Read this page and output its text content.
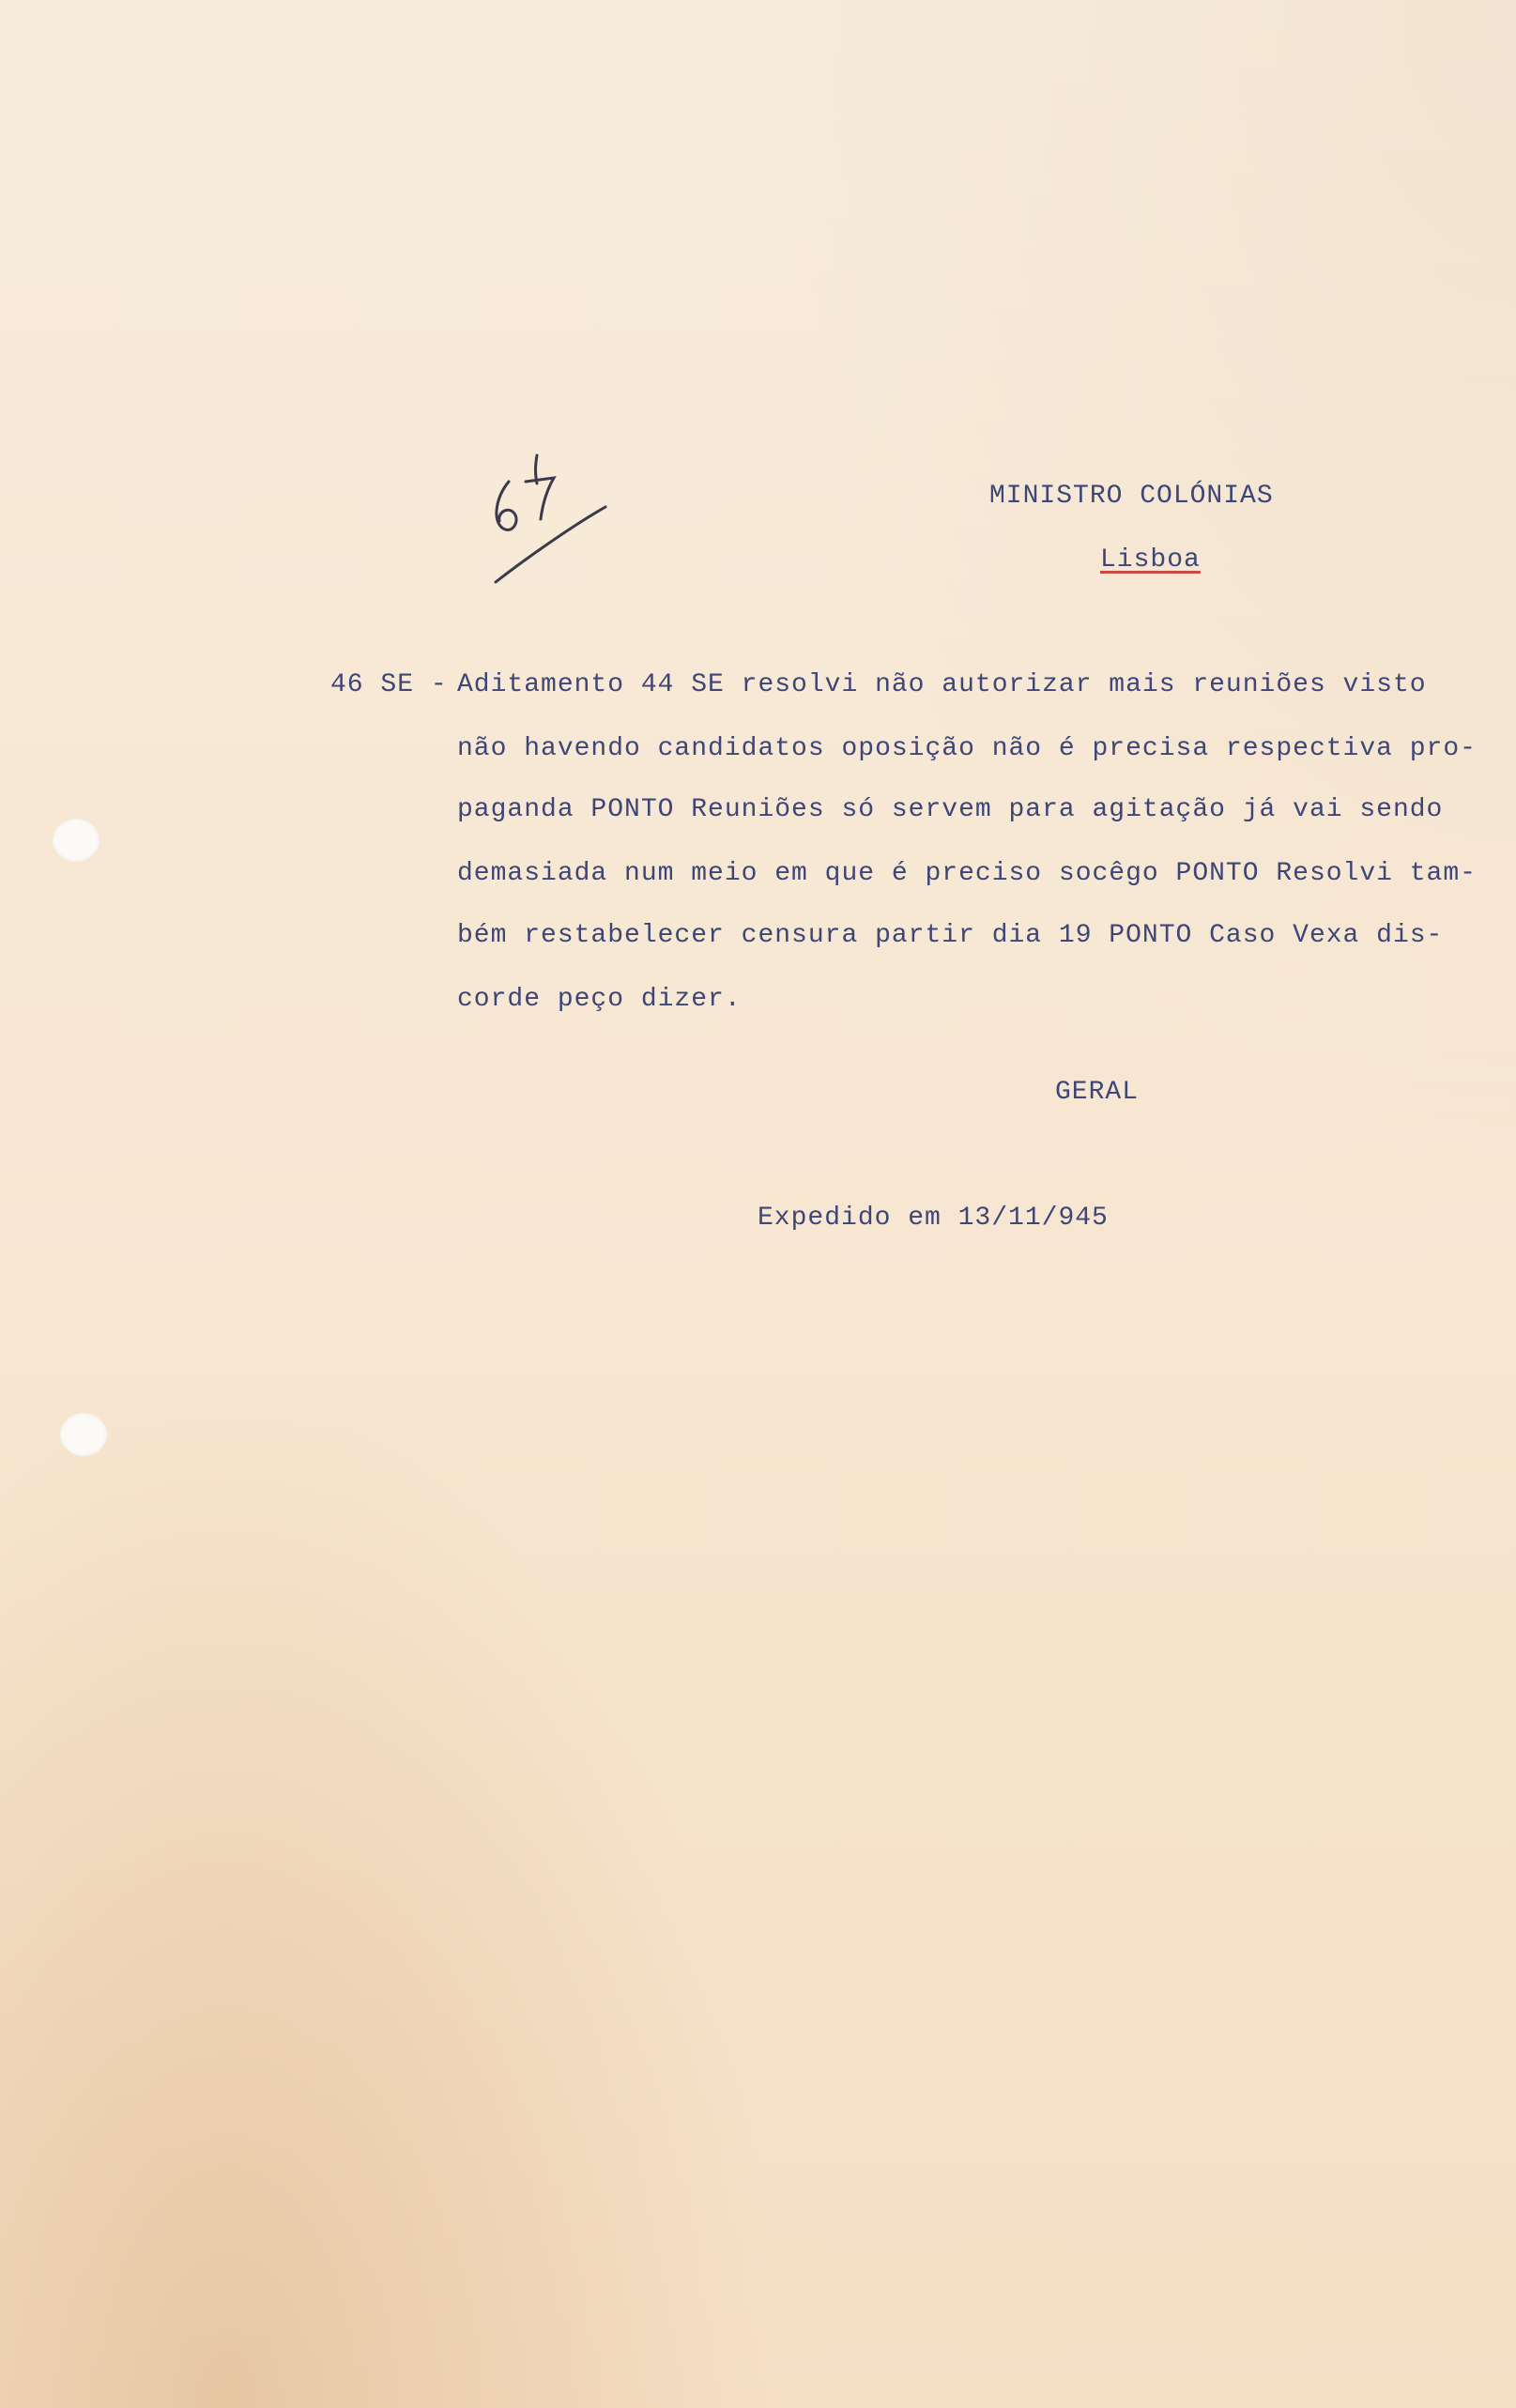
MINISTRO COLÓNIAS
Lisboa
46 SE - Aditamento 44 SE resolvi não autorizar mais reuniões visto
não havendo candidatos oposição não é precisa respectiva pro-
paganda PONTO Reuniões só servem para agitação já vai sendo
demasiada num meio em que é preciso socêgo PONTO Resolvi tam-
bém restabelecer censura partir dia 19 PONTO Caso Vexa dis-
corde peço dizer.
GERAL
Expedido em 13/11/945
